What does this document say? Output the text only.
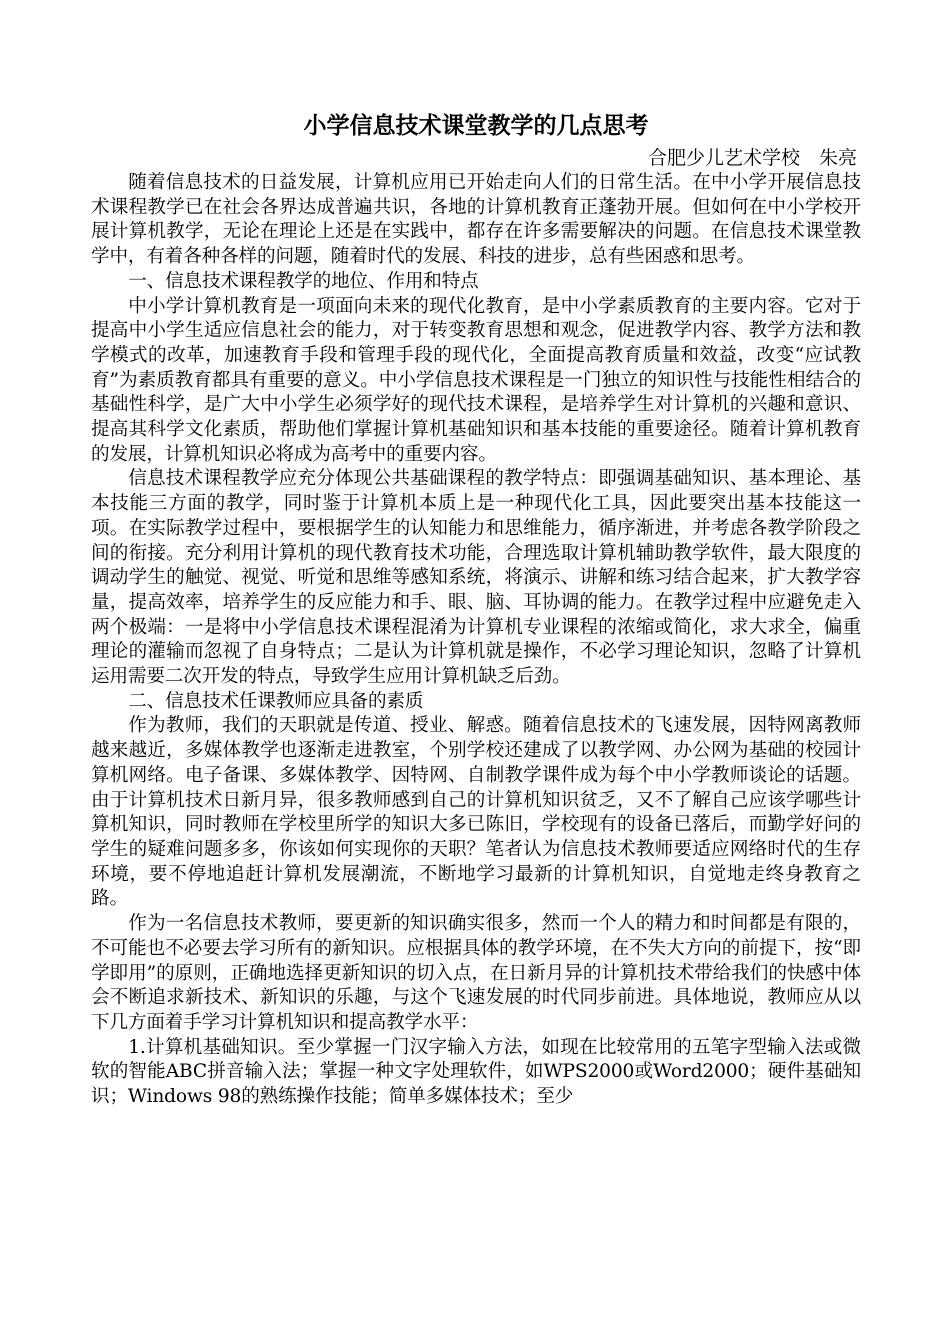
小学信息技术课堂教学的几点思考

合肥少儿艺术学校　朱亮

随着信息技术的日益发展，计算机应用已开始走向人们的日常生活。在中小学开展信息技术课程教学已在社会各界达成普遍共识，各地的计算机教育正蓬勃开展。但如何在中小学校开展计算机教学，无论在理论上还是在实践中，都存在许多需要解决的问题。在信息技术课堂教学中，有着各种各样的问题，随着时代的发展、科技的进步，总有些困惑和思考。

一、信息技术课程教学的地位、作用和特点

中小学计算机教育是一项面向未来的现代化教育，是中小学素质教育的主要内容。它对于提高中小学生适应信息社会的能力，对于转变教育思想和观念，促进教学内容、教学方法和教学模式的改革，加速教育手段和管理手段的现代化，全面提高教育质量和效益，改变“应试教育”为素质教育都具有重要的意义。中小学信息技术课程是一门独立的知识性与技能性相结合的基础性科学，是广大中小学生必须学好的现代技术课程，是培养学生对计算机的兴趣和意识、提高其科学文化素质，帮助他们掌握计算机基础知识和基本技能的重要途径。随着计算机教育的发展，计算机知识必将成为高考中的重要内容。

信息技术课程教学应充分体现公共基础课程的教学特点：即强调基础知识、基本理论、基本技能三方面的教学，同时鉴于计算机本质上是一种现代化工具，因此要突出基本技能这一项。在实际教学过程中，要根据学生的认知能力和思维能力，循序渐进，并考虑各教学阶段之间的衔接。充分利用计算机的现代教育技术功能，合理选取计算机辅助教学软件，最大限度的调动学生的触觉、视觉、听觉和思维等感知系统，将演示、讲解和练习结合起来，扩大教学容量，提高效率，培养学生的反应能力和手、眼、脑、耳协调的能力。在教学过程中应避免走入两个极端：一是将中小学信息技术课程混淆为计算机专业课程的浓缩或简化，求大求全，偏重理论的灌输而忽视了自身特点；二是认为计算机就是操作，不必学习理论知识，忽略了计算机运用需要二次开发的特点，导致学生应用计算机缺乏后劲。

二、信息技术任课教师应具备的素质

作为教师，我们的天职就是传道、授业、解惑。随着信息技术的飞速发展，因特网离教师越来越近，多媒体教学也逐渐走进教室，个别学校还建成了以教学网、办公网为基础的校园计算机网络。电子备课、多媒体教学、因特网、自制教学课件成为每个中小学教师谈论的话题。由于计算机技术日新月异，很多教师感到自己的计算机知识贫乏，又不了解自己应该学哪些计算机知识，同时教师在学校里所学的知识大多已陈旧，学校现有的设备已落后，而勤学好问的学生的疑难问题多多，你该如何实现你的天职？笔者认为信息技术教师要适应网络时代的生存环境，要不停地追赶计算机发展潮流，不断地学习最新的计算机知识，自觉地走终身教育之路。

作为一名信息技术教师，要更新的知识确实很多，然而一个人的精力和时间都是有限的，不可能也不必要去学习所有的新知识。应根据具体的教学环境，在不失大方向的前提下，按“即学即用”的原则，正确地选择更新知识的切入点，在日新月异的计算机技术带给我们的快感中体会不断追求新技术、新知识的乐趣，与这个飞速发展的时代同步前进。具体地说，教师应从以下几方面着手学习计算机知识和提高教学水平：

1.计算机基础知识。至少掌握一门汉字输入方法，如现在比较常用的五笔字型输入法或微软的智能ABC拼音输入法；掌握一种文字处理软件，如WPS2000或Word2000；硬件基础知识；Windows 98的熟练操作技能；简单多媒体技术；至少
